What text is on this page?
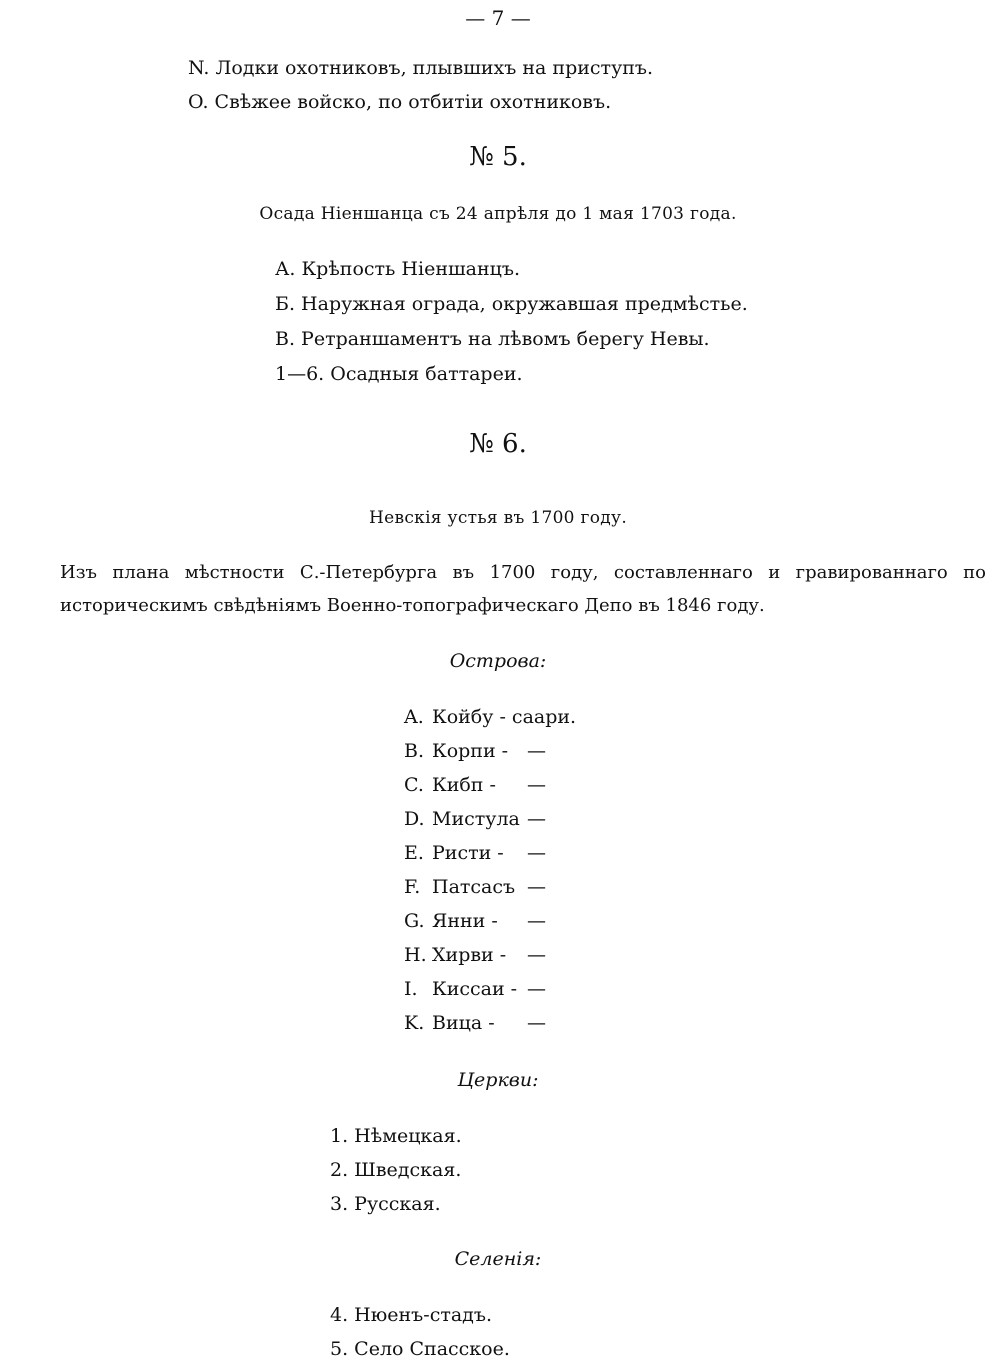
— 7 —
N. Лодки охотниковъ, плывшихъ на приступъ.
O. Свѣжее войско, по отбитіи охотниковъ.
№ 5.
Осада Ніеншанца съ 24 апрѣля до 1 мая 1703 года.
А. Крѣпость Ніеншанцъ.
Б. Наружная ограда, окружавшая предмѣстье.
В. Ретраншаментъ на лѣвомъ берегу Невы.
1—6. Осадныя баттареи.
№ 6.
Невскія устья въ 1700 году.
Изъ плана мѣстности С.-Петербурга въ 1700 году, составленнаго и гравированнаго по историческимъ свѣдѣніямъ Военно-топографическаго Депо въ 1846 году.
Острова:
A. Койбу - саари.
B. Корпи - —
C. Кибп - —
D. Мистула —
E. Ристи - —
F. Патсасъ —
G. Янни - —
H. Хирви - —
I. Кисcаи - —
K. Вица - —
Церкви:
1. Нѣмецкая.
2. Шведская.
3. Русская.
Селенія:
4. Нюенъ-стадъ.
5. Село Спасское.
